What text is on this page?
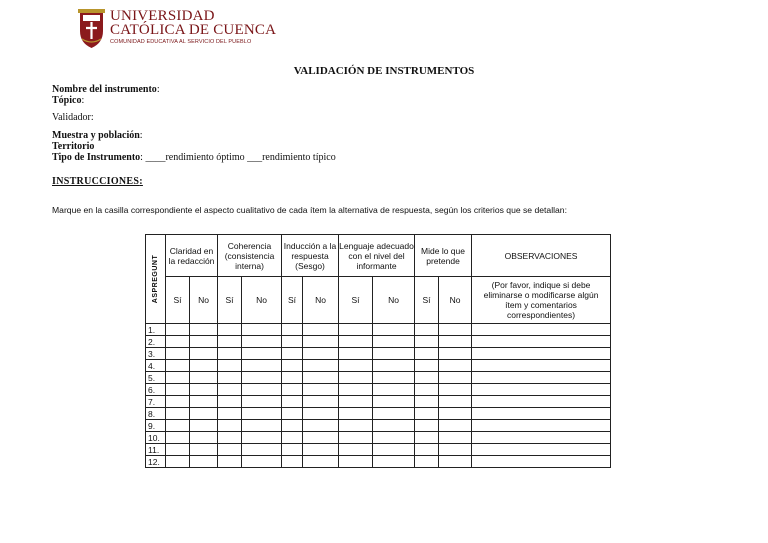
UNIVERSIDAD
CATÓLICA DE CUENCA
COMUNIDAD EDUCATIVA AL SERVICIO DEL PUEBLO
VALIDACIÓN DE INSTRUMENTOS
Nombre del instrumento:
Tópico:
Validador:
Muestra y población:
Territorio
Tipo de Instrumento: ____rendimiento óptimo ___rendimiento típico
INSTRUCCIONES:
Marque en la casilla correspondiente el aspecto cualitativo de cada ítem la alternativa de respuesta, según los criterios que se detallan:
ASPREGUNT	Claridad en la redacción		Coherencia (consistencia interna)		Inducción a la respuesta (Sesgo)		Lenguaje adecuado con el nivel del informante		Mide lo que pretende		OBSERVACIONES
	Sí	No	Sí	No	Sí	No	Sí	No	Sí	No	(Por favor, indique si debe eliminarse o modificarse algún ítem y comentarios correspondientes)
1.											
2.											
3.											
4.											
5.											
6.											
7.											
8.											
9.											
10.											
11.											
12.											
